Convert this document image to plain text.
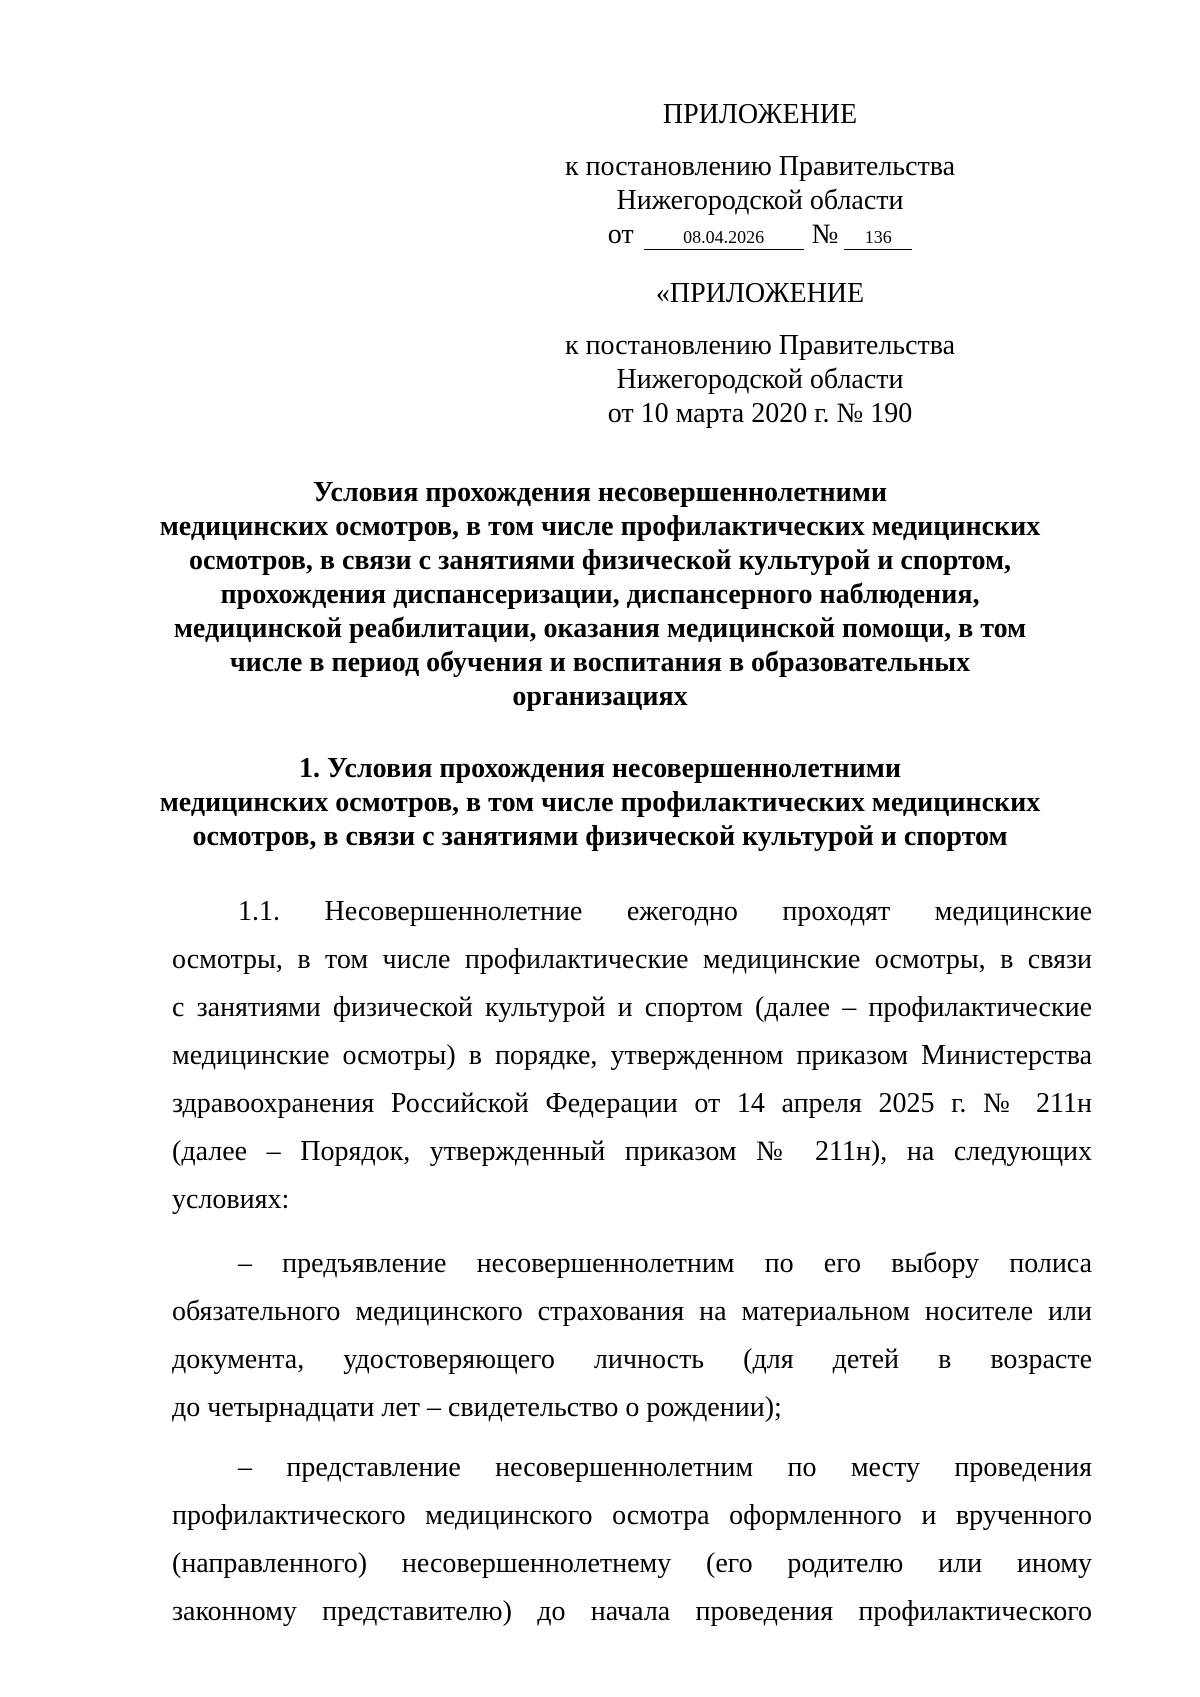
ПРИЛОЖЕНИЕ
к постановлению Правительства
Нижегородской области
от	08.04.2026 № 136
«ПРИЛОЖЕНИЕ
к постановлению Правительства
Нижегородской области
от 10 марта 2020 г. № 190
Условия прохождения несовершеннолетними
медицинских осмотров, в том числе профилактических медицинских
осмотров, в связи с занятиями физической культурой и спортом,
прохождения диспансеризации, диспансерного наблюдения,
медицинской реабилитации, оказания медицинской помощи, в том
числе в период обучения и воспитания в образовательных
организациях
1. Условия прохождения несовершеннолетними
медицинских осмотров, в том числе профилактических медицинских
осмотров, в связи с занятиями физической культурой и спортом
1.1. Несовершеннолетние ежегодно проходят медицинские
осмотры, в том числе профилактические медицинские осмотры, в связи
с занятиями физической культурой и спортом (далее – профилактические
медицинские осмотры) в порядке, утвержденном приказом Министерства
здравоохранения Российской Федерации от 14 апреля 2025 г. № 211н
(далее – Порядок, утвержденный приказом № 211н), на следующих
условиях:
– предъявление несовершеннолетним по его выбору полиса
обязательного медицинского страхования на материальном носителе или
документа, удостоверяющего личность (для детей в возрасте
до четырнадцати лет – свидетельство о рождении);
– представление несовершеннолетним по месту проведения
профилактического медицинского осмотра оформленного и врученного
(направленного) несовершеннолетнему (его родителю или иному
законному представителю) до начала проведения профилактического
